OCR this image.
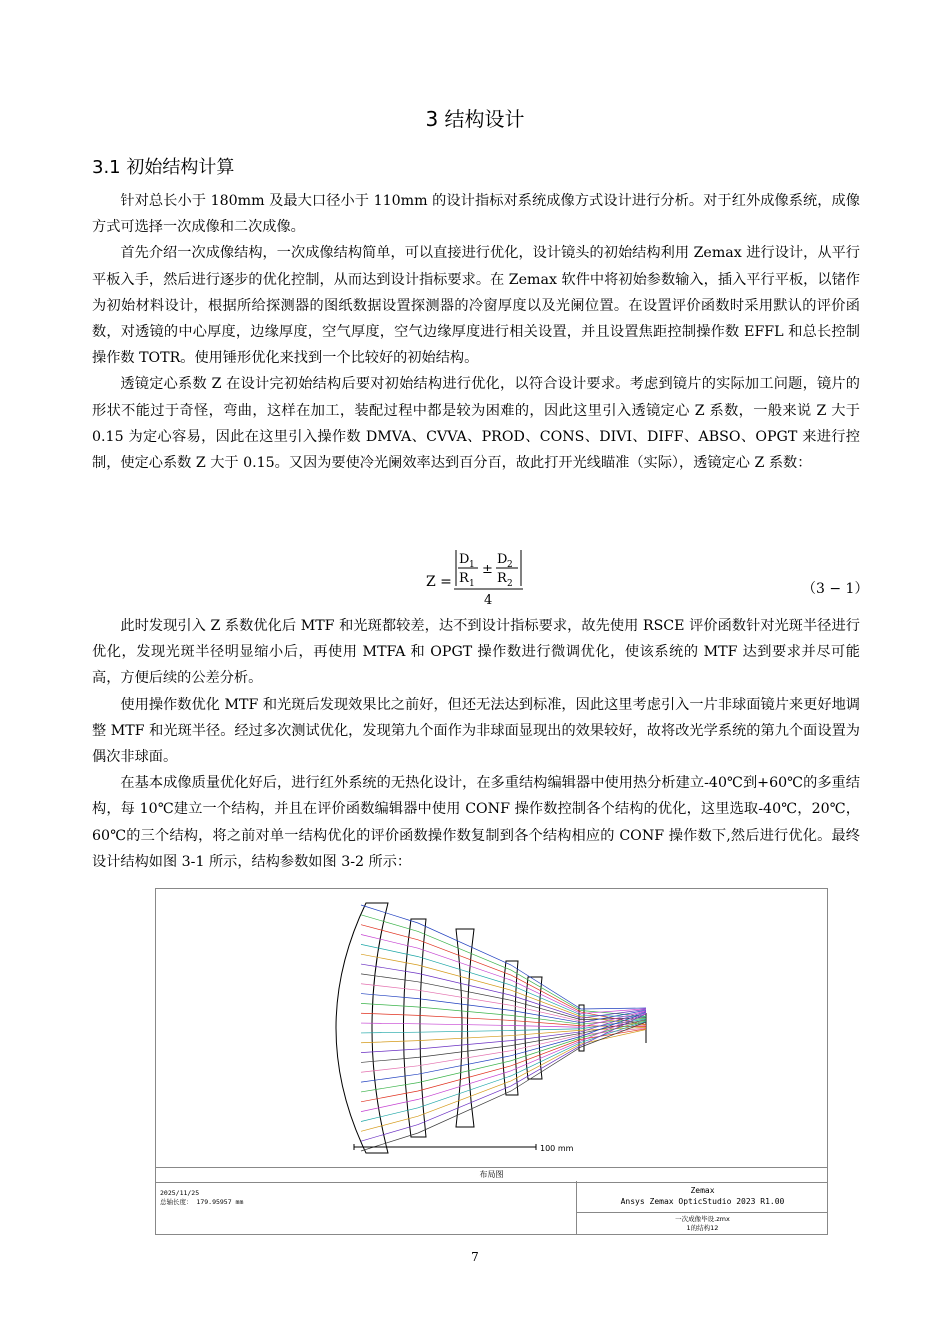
3 结构设计
3.1 初始结构计算

针对总长小于 180mm 及最大口径小于 110mm 的设计指标对系统成像方式设计进行分析。对于红外成像系统，成像方式可选择一次成像和二次成像。

首先介绍一次成像结构，一次成像结构简单，可以直接进行优化，设计镜头的初始结构利用 Zemax 进行设计，从平行平板入手，然后进行逐步的优化控制，从而达到设计指标要求。在 Zemax 软件中将初始参数输入，插入平行平板，以锗作为初始材料设计，根据所给探测器的图纸数据设置探测器的冷窗厚度以及光阑位置。在设置评价函数时采用默认的评价函数，对透镜的中心厚度，边缘厚度，空气厚度，空气边缘厚度进行相关设置，并且设置焦距控制操作数 EFFL 和总长控制操作数 TOTR。使用锤形优化来找到一个比较好的初始结构。

透镜定心系数 Z 在设计完初始结构后要对初始结构进行优化，以符合设计要求。考虑到镜片的实际加工问题，镜片的形状不能过于奇怪，弯曲，这样在加工，装配过程中都是较为困难的，因此这里引入透镜定心 Z 系数，一般来说 Z 大于 0.15 为定心容易，因此在这里引入操作数 DMVA、CVVA、PROD、CONS、DIVI、DIFF、ABSO、OPGT 来进行控制，使定心系数 Z 大于 0.15。又因为要使冷光阑效率达到百分百，故此打开光线瞄准（实际），透镜定心 Z 系数：

Z =
D 1
R 1
±
D 2
R 2
4
（3 − 1）

此时发现引入 Z 系数优化后 MTF 和光斑都较差，达不到设计指标要求，故先使用 RSCE 评价函数针对光斑半径进行优化，发现光斑半径明显缩小后，再使用 MTFA 和 OPGT 操作数进行微调优化，使该系统的 MTF 达到要求并尽可能高，方便后续的公差分析。

使用操作数优化 MTF 和光斑后发现效果比之前好，但还无法达到标准，因此这里考虑引入一片非球面镜片来更好地调整 MTF 和光斑半径。经过多次测试优化，发现第九个面作为非球面显现出的效果较好，故将改光学系统的第九个面设置为偶次非球面。

在基本成像质量优化好后，进行红外系统的无热化设计，在多重结构编辑器中使用热分析建立-40℃到+60℃的多重结构，每 10℃建立一个结构，并且在评价函数编辑器中使用 CONF 操作数控制各个结构的优化，这里选取-40℃，20℃，60℃的三个结构，将之前对单一结构优化的评价函数操作数复制到各个结构相应的 CONF 操作数下,然后进行优化。最终设计结构如图 3-1 所示，结构参数如图 3-2 所示：

100 mm
布局图
2025/11/25
总轴长度： 179.95957 mm
Zemax
Ansys Zemax OpticStudio 2023 R1.00
一次成像毕设.zmx
1的结构12
7
